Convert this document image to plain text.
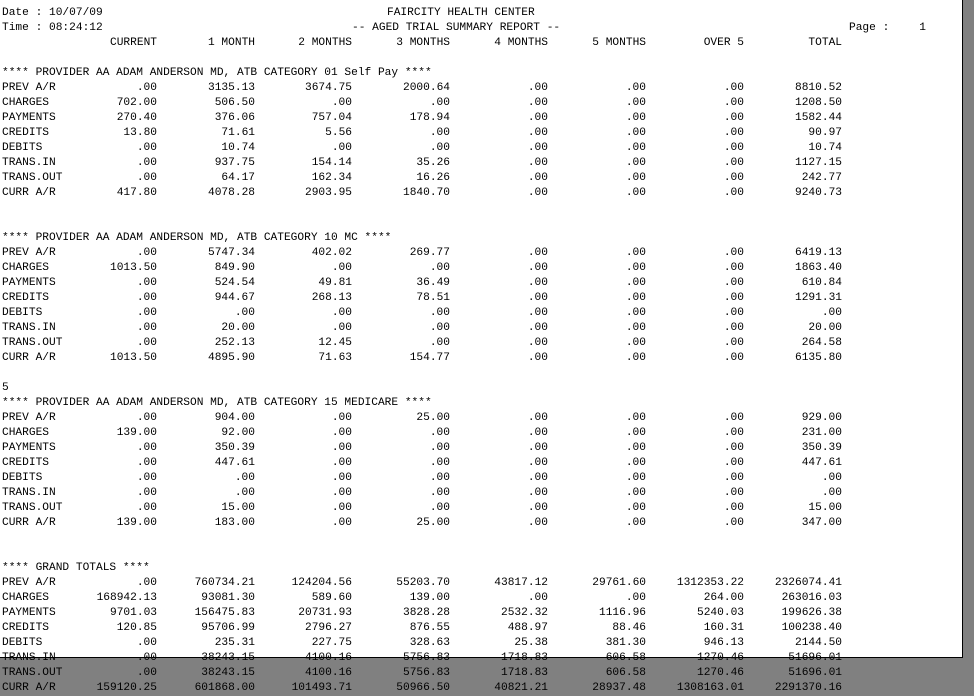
Date : 10/07/09	FAIRCITY HEALTH CENTER
Time : 08:24:12	-- AGED TRIAL SUMMARY REPORT --	Page :	1
CURRENT	1 MONTH	2 MONTHS	3 MONTHS	4 MONTHS	5 MONTHS	OVER 5	TOTAL
**** PROVIDER AA ADAM ANDERSON MD, ATB CATEGORY 01 Self Pay ****
PREV A/R	.00	3135.13	3674.75	2000.64	.00	.00	.00	8810.52
CHARGES	702.00	506.50	.00	.00	.00	.00	.00	1208.50
PAYMENTS	270.40	376.06	757.04	178.94	.00	.00	.00	1582.44
CREDITS	13.80	71.61	5.56	.00	.00	.00	.00	90.97
DEBITS	.00	10.74	.00	.00	.00	.00	.00	10.74
TRANS.IN	.00	937.75	154.14	35.26	.00	.00	.00	1127.15
TRANS.OUT	.00	64.17	162.34	16.26	.00	.00	.00	242.77
CURR A/R	417.80	4078.28	2903.95	1840.70	.00	.00	.00	9240.73
**** PROVIDER AA ADAM ANDERSON MD, ATB CATEGORY 10 MC ****
PREV A/R	.00	5747.34	402.02	269.77	.00	.00	.00	6419.13
CHARGES	1013.50	849.90	.00	.00	.00	.00	.00	1863.40
PAYMENTS	.00	524.54	49.81	36.49	.00	.00	.00	610.84
CREDITS	.00	944.67	268.13	78.51	.00	.00	.00	1291.31
DEBITS	.00	.00	.00	.00	.00	.00	.00	.00
TRANS.IN	.00	20.00	.00	.00	.00	.00	.00	20.00
TRANS.OUT	.00	252.13	12.45	.00	.00	.00	.00	264.58
CURR A/R	1013.50	4895.90	71.63	154.77	.00	.00	.00	6135.80
5
**** PROVIDER AA ADAM ANDERSON MD, ATB CATEGORY 15 MEDICARE ****
PREV A/R	.00	904.00	.00	25.00	.00	.00	.00	929.00
CHARGES	139.00	92.00	.00	.00	.00	.00	.00	231.00
PAYMENTS	.00	350.39	.00	.00	.00	.00	.00	350.39
CREDITS	.00	447.61	.00	.00	.00	.00	.00	447.61
DEBITS	.00	.00	.00	.00	.00	.00	.00	.00
TRANS.IN	.00	.00	.00	.00	.00	.00	.00	.00
TRANS.OUT	.00	15.00	.00	.00	.00	.00	.00	15.00
CURR A/R	139.00	183.00	.00	25.00	.00	.00	.00	347.00
**** GRAND TOTALS ****
PREV A/R	.00	760734.21	124204.56	55203.70	43817.12	29761.60	1312353.22	2326074.41
CHARGES	168942.13	93081.30	589.60	139.00	.00	.00	264.00	263016.03
PAYMENTS	9701.03	156475.83	20731.93	3828.28	2532.32	1116.96	5240.03	199626.38
CREDITS	120.85	95706.99	2796.27	876.55	488.97	88.46	160.31	100238.40
DEBITS	.00	235.31	227.75	328.63	25.38	381.30	946.13	2144.50
TRANS.IN	.00	38243.15	4100.16	5756.83	1718.83	606.58	1270.46	51696.01
TRANS.OUT	.00	38243.15	4100.16	5756.83	1718.83	606.58	1270.46	51696.01
CURR A/R	159120.25	601868.00	101493.71	50966.50	40821.21	28937.48	1308163.01	2291370.16
